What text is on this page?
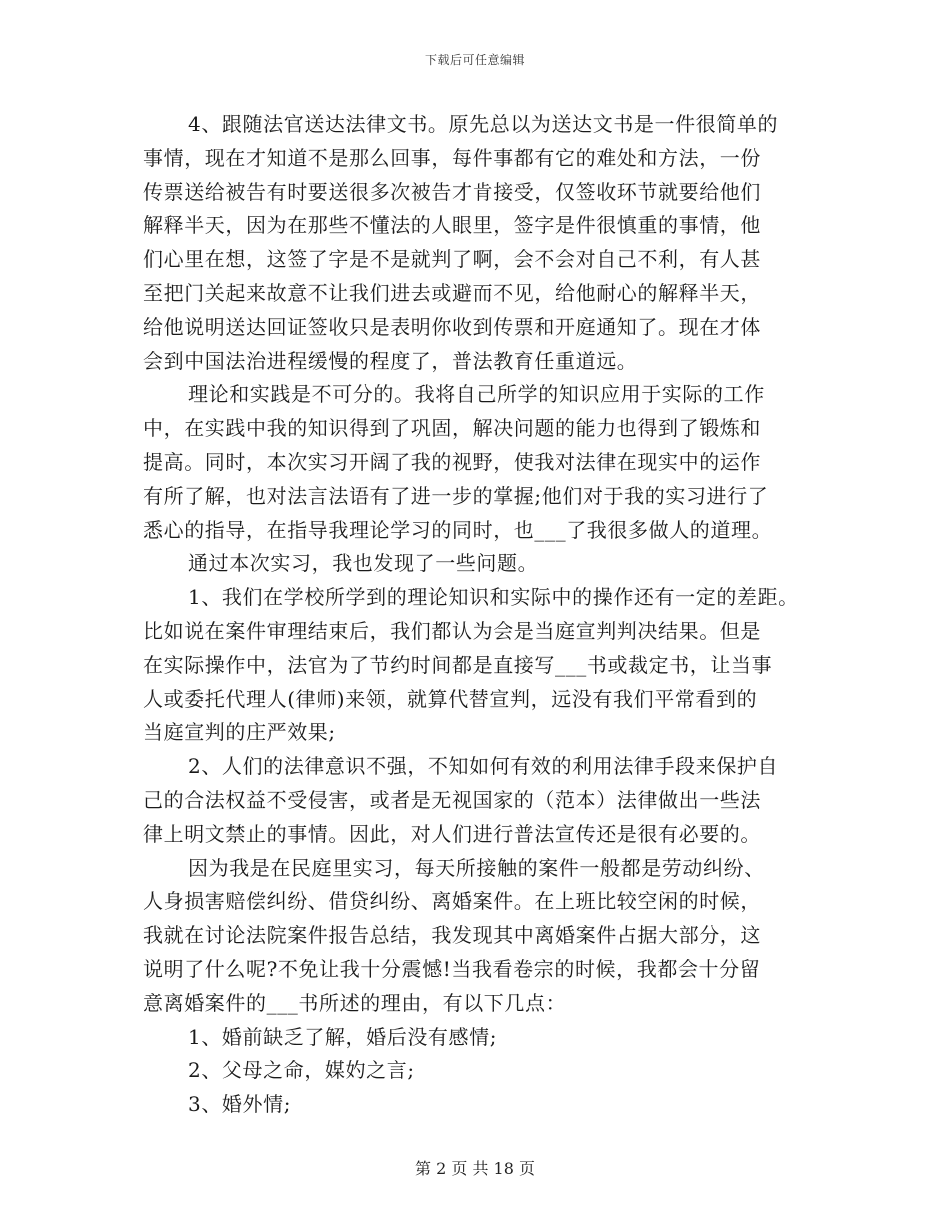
下载后可任意编辑
4、跟随法官送达法律文书。原先总以为送达文书是一件很简单的
事情，现在才知道不是那么回事，每件事都有它的难处和方法，一份
传票送给被告有时要送很多次被告才肯接受，仅签收环节就要给他们
解释半天，因为在那些不懂法的人眼里，签字是件很慎重的事情，他
们心里在想，这签了字是不是就判了啊，会不会对自己不利，有人甚
至把门关起来故意不让我们进去或避而不见，给他耐心的解释半天，
给他说明送达回证签收只是表明你收到传票和开庭通知了。现在才体
会到中国法治进程缓慢的程度了，普法教育任重道远。
理论和实践是不可分的。我将自己所学的知识应用于实际的工作
中，在实践中我的知识得到了巩固，解决问题的能力也得到了锻炼和
提高。同时，本次实习开阔了我的视野，使我对法律在现实中的运作
有所了解，也对法言法语有了进一步的掌握;他们对于我的实习进行了
悉心的指导，在指导我理论学习的同时，也___了我很多做人的道理。
通过本次实习，我也发现了一些问题。
1、我们在学校所学到的理论知识和实际中的操作还有一定的差距。
比如说在案件审理结束后，我们都认为会是当庭宣判判决结果。但是
在实际操作中，法官为了节约时间都是直接写___书或裁定书，让当事
人或委托代理人(律师)来领，就算代替宣判，远没有我们平常看到的
当庭宣判的庄严效果;
2、人们的法律意识不强，不知如何有效的利用法律手段来保护自
己的合法权益不受侵害，或者是无视国家的（范本）法律做出一些法
律上明文禁止的事情。因此，对人们进行普法宣传还是很有必要的。
因为我是在民庭里实习，每天所接触的案件一般都是劳动纠纷、
人身损害赔偿纠纷、借贷纠纷、离婚案件。在上班比较空闲的时候，
我就在讨论法院案件报告总结，我发现其中离婚案件占据大部分，这
说明了什么呢?不免让我十分震憾!当我看卷宗的时候，我都会十分留
意离婚案件的___书所述的理由，有以下几点：
1、婚前缺乏了解，婚后没有感情;
2、父母之命，媒妁之言;
3、婚外情;
第 2 页 共 18 页
